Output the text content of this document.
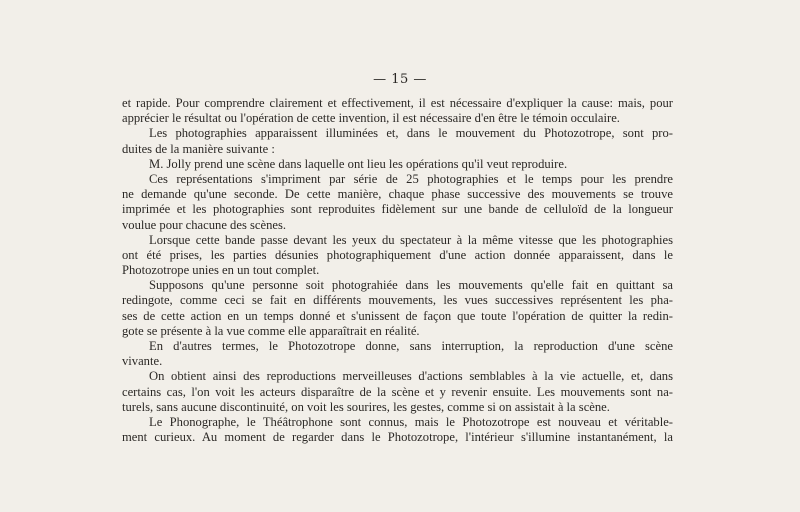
— 15 —
et rapide. Pour comprendre clairement et effectivement, il est nécessaire d'expliquer la cause: mais, pour
apprécier le résultat ou l'opération de cette invention, il est nécessaire d'en être le témoin occulaire.
Les photographies apparaissent illuminées et, dans le mouvement du Photozotrope, sont pro-
duites de la manière suivante :
M. Jolly prend une scène dans laquelle ont lieu les opérations qu'il veut reproduire.
Ces représentations s'impriment par série de 25 photographies et le temps pour les prendre
ne demande qu'une seconde. De cette manière, chaque phase successive des mouvements se trouve
imprimée et les photographies sont reproduites fidèlement sur une bande de celluloïd de la longueur
voulue pour chacune des scènes.
Lorsque cette bande passe devant les yeux du spectateur à la même vitesse que les photographies
ont été prises, les parties désunies photographiquement d'une action donnée apparaissent, dans le
Photozotrope unies en un tout complet.
Supposons qu'une personne soit photograhiée dans les mouvements qu'elle fait en quittant sa
redingote, comme ceci se fait en différents mouvements, les vues successives représentent les pha-
ses de cette action en un temps donné et s'unissent de façon que toute l'opération de quitter la redin-
gote se présente à la vue comme elle apparaîtrait en réalité.
En d'autres termes, le Photozotrope donne, sans interruption, la reproduction d'une scène
vivante.
On obtient ainsi des reproductions merveilleuses d'actions semblables à la vie actuelle, et, dans
certains cas, l'on voit les acteurs disparaître de la scène et y revenir ensuite. Les mouvements sont na-
turels, sans aucune discontinuité, on voit les sourires, les gestes, comme si on assistait à la scène.
Le Phonographe, le Théâtrophone sont connus, mais le Photozotrope est nouveau et véritable-
ment curieux. Au moment de regarder dans le Photozotrope, l'intérieur s'illumine instantanément, la
